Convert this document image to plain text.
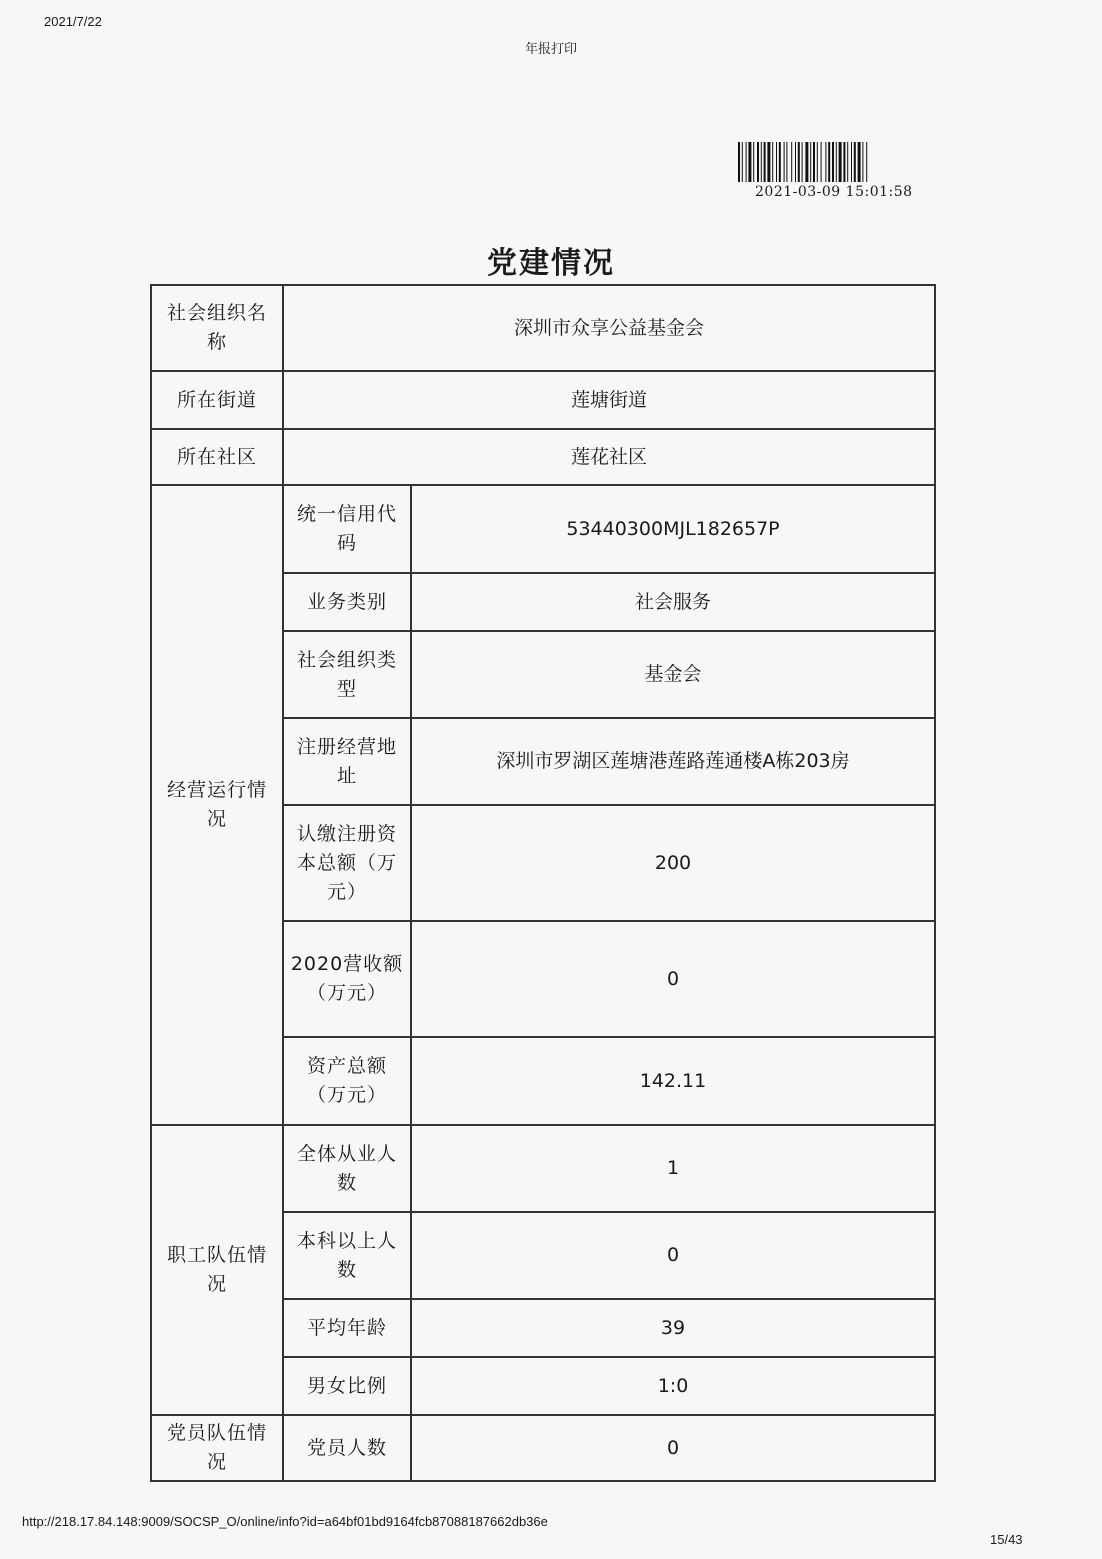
2021/7/22
年报打印
2021-03-09 15:01:58
党建情况
社会组织名称	深圳市众享公益基金会	
所在街道	莲塘街道	
所在社区	莲花社区	
经营运行情况	统一信用代码	53440300MJL182657P
	业务类别	社会服务
	社会组织类型	基金会
	注册经营地址	深圳市罗湖区莲塘港莲路莲通楼A栋203房
	认缴注册资本总额（万元）	200
	2020营收额（万元）	0
	资产总额（万元）	142.11
职工队伍情况	全体从业人数	1
	本科以上人数	0
	平均年龄	39
	男女比例	1:0
党员队伍情况	党员人数	0
http://218.17.84.148:9009/SOCSP_O/online/info?id=a64bf01bd9164fcb87088187662db36e
15/43
